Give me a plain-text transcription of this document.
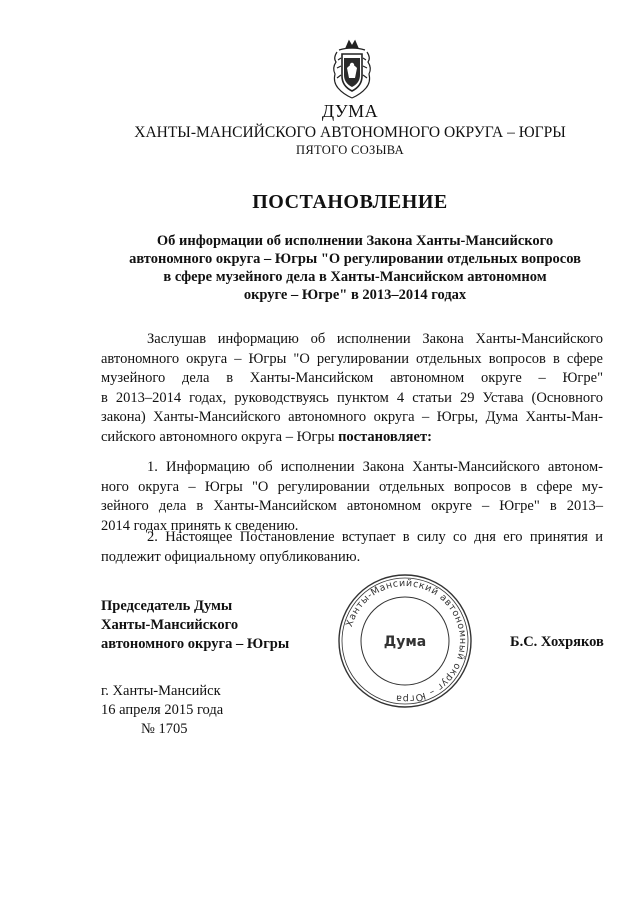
ДУМА
ХАНТЫ-МАНСИЙСКОГО АВТОНОМНОГО ОКРУГА – ЮГРЫ
ПЯТОГО СОЗЫВА
ПОСТАНОВЛЕНИЕ
Об информации об исполнении Закона Ханты-Мансийского
автономного округа – Югры "О регулировании отдельных вопросов
в сфере музейного дела в Ханты-Мансийском автономном
округе – Югре" в 2013–2014 годах
Заслушав информацию об исполнении Закона Ханты-Мансийского
автономного округа – Югры "О регулировании отдельных вопросов в сфере
музейного дела в Ханты-Мансийском автономном округе – Югре"
в 2013–2014 годах, руководствуясь пунктом 4 статьи 29 Устава (Основного
закона) Ханты-Мансийского автономного округа – Югры, Дума Ханты-Ман-
сийского автономного округа – Югры постановляет:
1. Информацию об исполнении Закона Ханты-Мансийского автоном-
ного округа – Югры "О регулировании отдельных вопросов в сфере му-
зейного дела в Ханты-Мансийском автономном округе – Югре" в 2013–
2014 годах принять к сведению.
2. Настоящее Постановление вступает в силу со дня его принятия и
подлежит официальному опубликованию.
Председатель Думы
Ханты-Мансийского
автономного округа – Югры
Ханты-Мансийский автономный округ – Югра
Дума	Б.С. Хохряков
г. Ханты-Мансийск
16 апреля 2015 года
№ 1705
